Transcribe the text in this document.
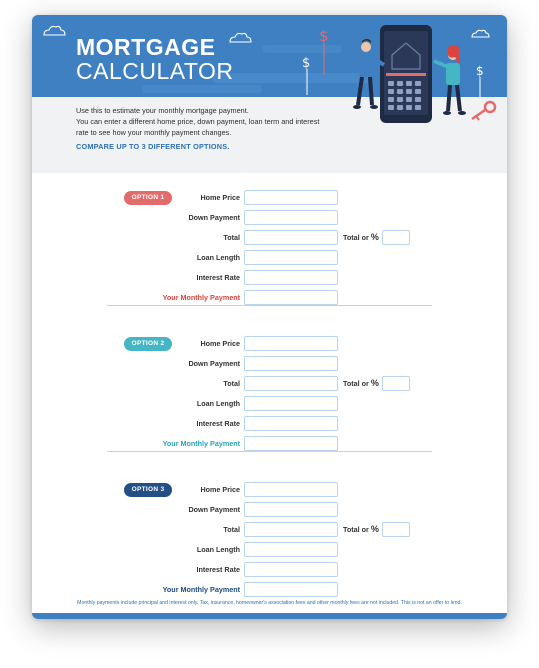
$
$	$
MORTGAGE
CALCULATOR

Use this to estimate your monthly mortgage payment.

You can enter a different home price, down payment, loan term and interest

rate to see how your monthly payment changes.

COMPARE UP TO 3 DIFFERENT OPTIONS.

OPTION 1	Home Price
Down Payment
Total	Total or %
Loan Length
Interest Rate
Your Monthly Payment
OPTION 2	Home Price
Down Payment
Total	Total or %
Loan Length
Interest Rate
Your Monthly Payment
OPTION 3	Home Price
Down Payment
Total	Total or %
Loan Length
Interest Rate
Your Monthly Payment
Monthly payments include principal and interest only. Tax, insurance, homeowner's association fees and other monthly fees are not included. This is not an offer to lend.
